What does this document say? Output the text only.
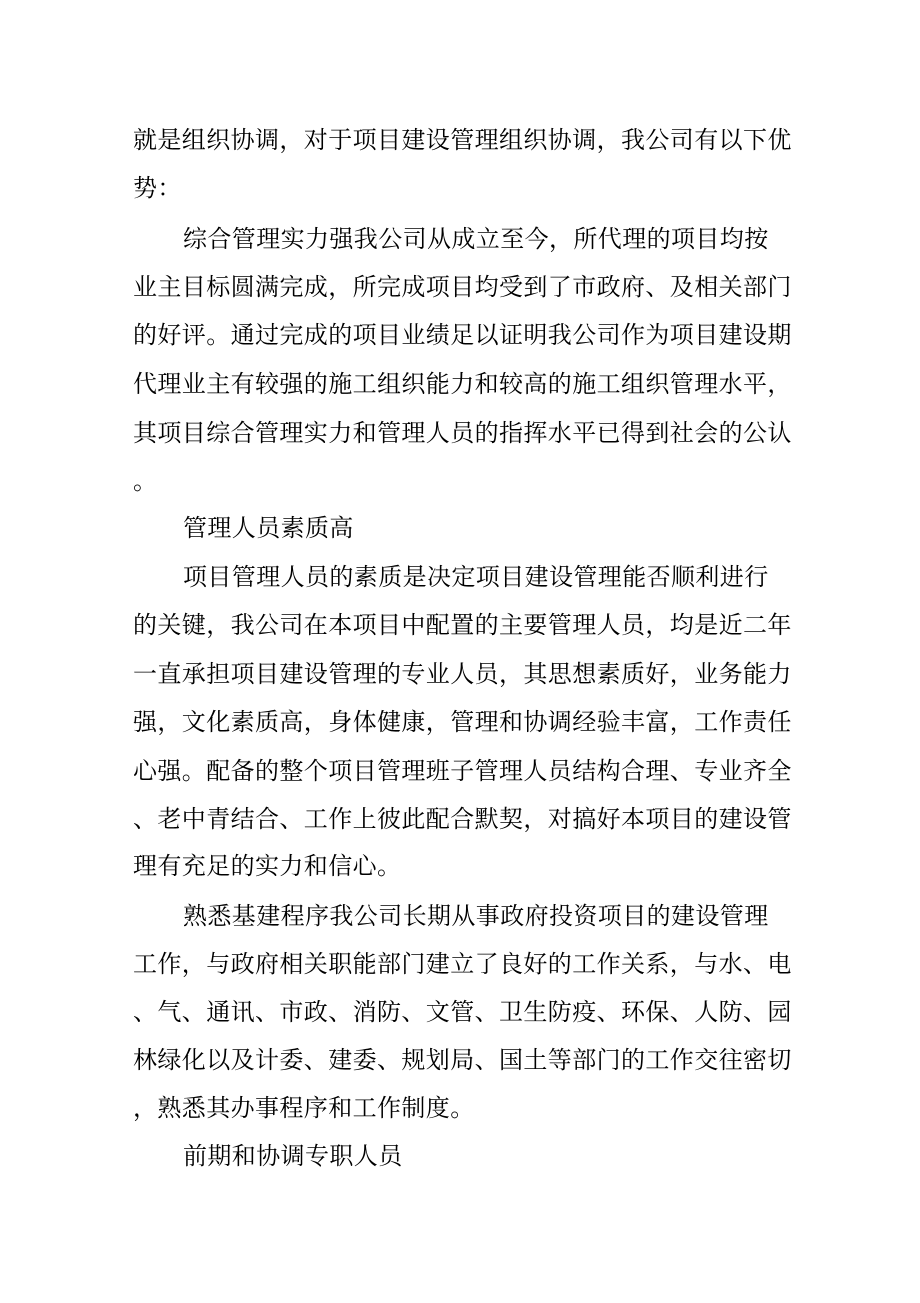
就是组织协调，对于项目建设管理组织协调，我公司有以下优
势：
综合管理实力强我公司从成立至今，所代理的项目均按
业主目标圆满完成，所完成项目均受到了市政府、及相关部门
的好评。通过完成的项目业绩足以证明我公司作为项目建设期
代理业主有较强的施工组织能力和较高的施工组织管理水平，
其项目综合管理实力和管理人员的指挥水平已得到社会的公认
。
管理人员素质高
项目管理人员的素质是决定项目建设管理能否顺利进行
的关键，我公司在本项目中配置的主要管理人员，均是近二年
一直承担项目建设管理的专业人员，其思想素质好，业务能力
强，文化素质高，身体健康，管理和协调经验丰富，工作责任
心强。配备的整个项目管理班子管理人员结构合理、专业齐全
、老中青结合、工作上彼此配合默契，对搞好本项目的建设管
理有充足的实力和信心。
熟悉基建程序我公司长期从事政府投资项目的建设管理
工作，与政府相关职能部门建立了良好的工作关系，与水、电
、气、通讯、市政、消防、文管、卫生防疫、环保、人防、园
林绿化以及计委、建委、规划局、国土等部门的工作交往密切
，熟悉其办事程序和工作制度。
前期和协调专职人员
